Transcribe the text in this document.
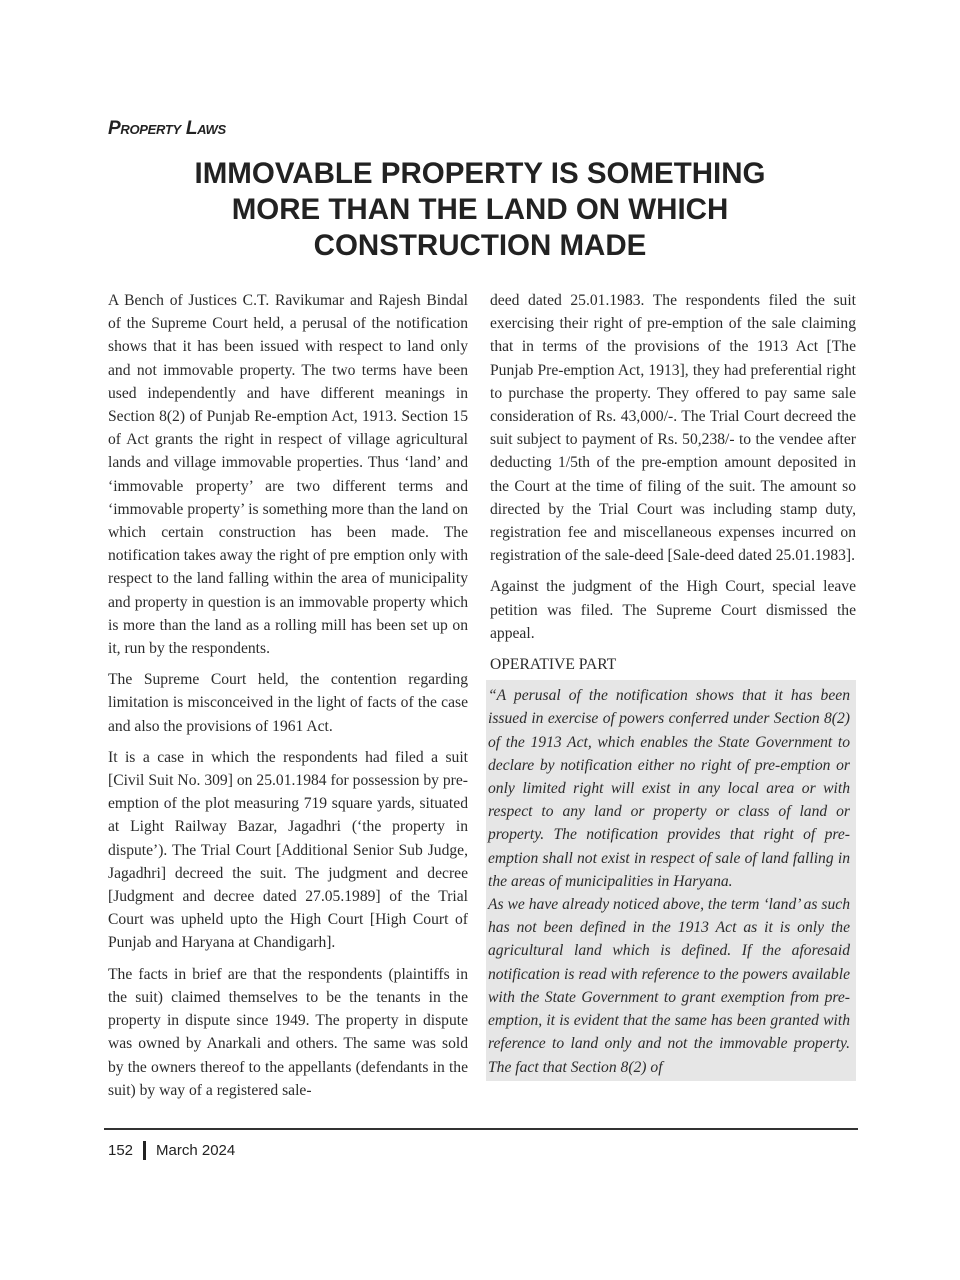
Property Laws
IMMOVABLE PROPERTY IS SOMETHING
MORE THAN THE LAND ON WHICH
CONSTRUCTION MADE

A Bench of Justices C.T. Ravikumar and Rajesh Bindal of the Supreme Court held, a perusal of the notification shows that it has been issued with respect to land only and not immovable property. The two terms have been used independently and have different meanings in Section 8(2) of Punjab Re-emption Act, 1913. Section 15 of Act grants the right in respect of village agricultural lands and village immovable properties. Thus ‘land’ and ‘immovable property’ are two different terms and ‘immovable property’ is something more than the land on which certain construction has been made. The notification takes away the right of pre emption only with respect to the land falling within the area of municipality and property in question is an immovable property which is more than the land as a rolling mill has been set up on it, run by the respondents.

The Supreme Court held, the contention regarding limitation is misconceived in the light of facts of the case and also the provisions of 1961 Act.

It is a case in which the respondents had filed a suit [Civil Suit No. 309] on 25.01.1984 for possession by pre-emption of the plot measuring 719 square yards, situated at Light Railway Bazar, Jagadhri (‘the property in dispute’). The Trial Court [Additional Senior Sub Judge, Jagadhri] decreed the suit. The judgment and decree [Judgment and decree dated 27.05.1989] of the Trial Court was upheld upto the High Court [High Court of Punjab and Haryana at Chandigarh].

The facts in brief are that the respondents (plaintiffs in the suit) claimed themselves to be the tenants in the property in dispute since 1949. The property in dispute was owned by Anarkali and others. The same was sold by the owners thereof to the appellants (defendants in the suit) by way of a registered sale-

deed dated 25.01.1983. The respondents filed the suit exercising their right of pre-emption of the sale claiming that in terms of the provisions of the 1913 Act [The Punjab Pre-emption Act, 1913], they had preferential right to purchase the property. They offered to pay same sale consideration of Rs. 43,000/-. The Trial Court decreed the suit subject to payment of Rs. 50,238/- to the vendee after deducting 1/5th of the pre-emption amount deposited in the Court at the time of filing of the suit. The amount so directed by the Trial Court was including stamp duty, registration fee and miscellaneous expenses incurred on registration of the sale-deed [Sale-deed dated 25.01.1983].

Against the judgment of the High Court, special leave petition was filed. The Supreme Court dismissed the appeal.

OPERATIVE PART

“A perusal of the notification shows that it has been issued in exercise of powers conferred under Section 8(2) of the 1913 Act, which enables the State Government to declare by notification either no right of pre-emption or only limited right will exist in any local area or with respect to any land or property or class of land or property. The notification provides that right of pre-emption shall not exist in respect of sale of land falling in the areas of municipalities in Haryana.

As we have already noticed above, the term ‘land’ as such has not been defined in the 1913 Act as it is only the agricultural land which is defined. If the aforesaid notification is read with reference to the powers available with the State Government to grant exemption from pre-emption, it is evident that the same has been granted with reference to land only and not the immovable property. The fact that Section 8(2) of

152 March 2024
